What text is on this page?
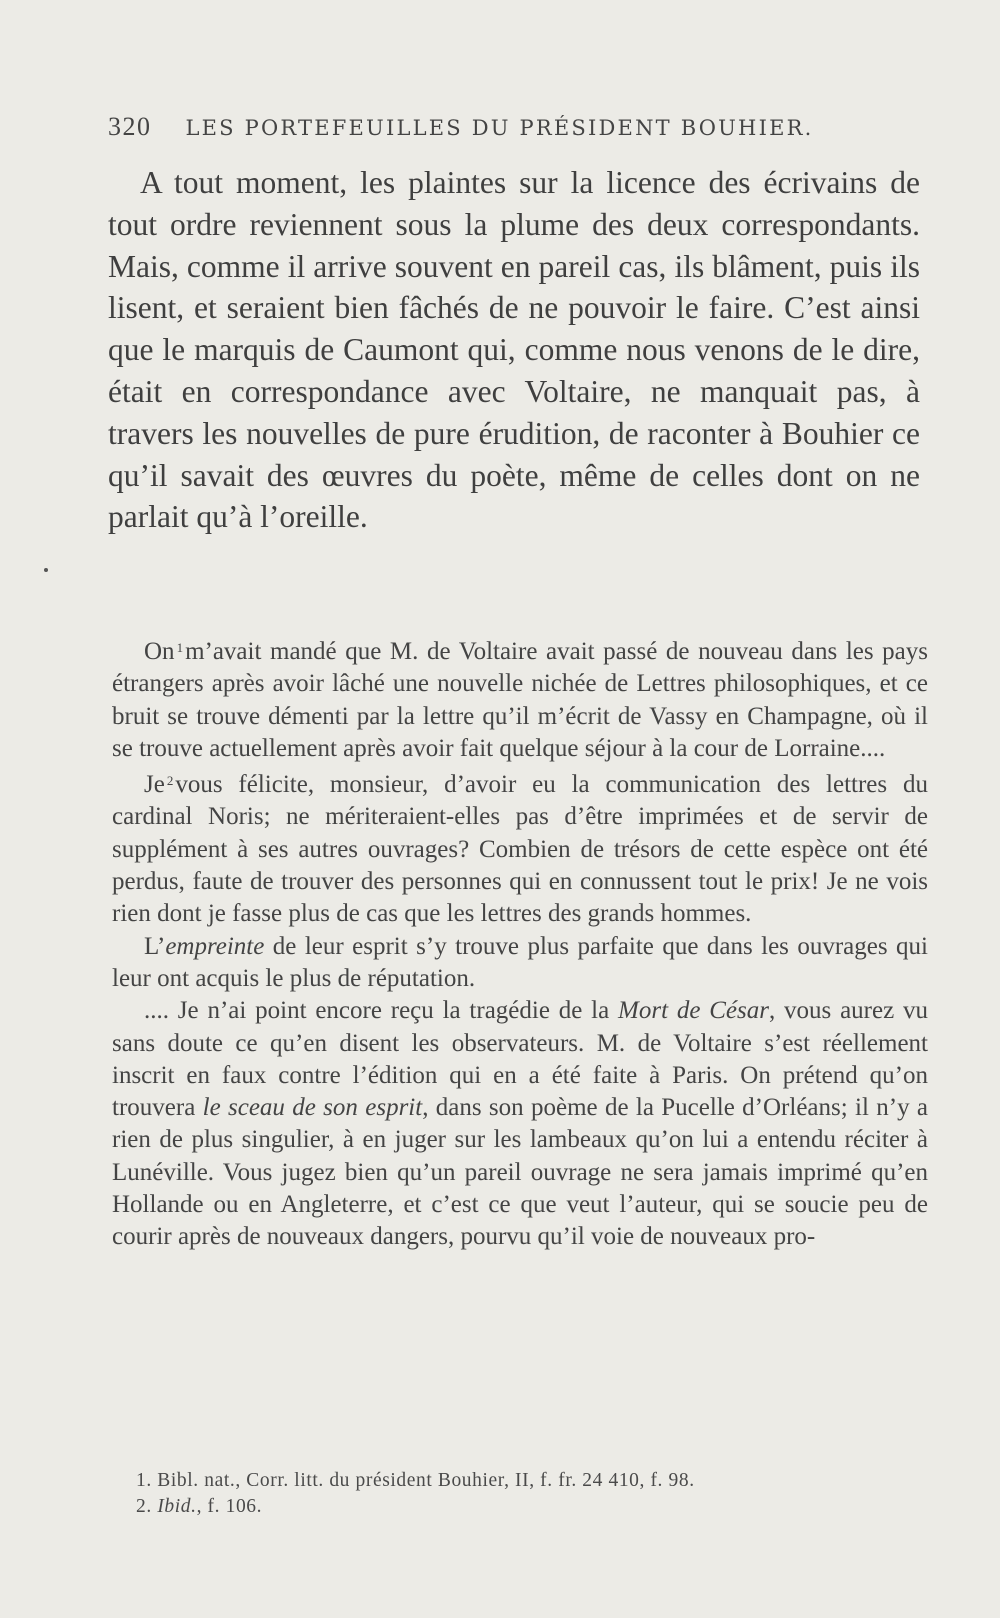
320 LES PORTEFEUILLES DU PRÉSIDENT BOUHIER.

A tout moment, les plaintes sur la licence des écrivains de tout ordre reviennent sous la plume des deux correspondants. Mais, comme il arrive souvent en pareil cas, ils blâment, puis ils lisent, et seraient bien fâchés de ne pouvoir le faire. C’est ainsi que le marquis de Caumont qui, comme nous venons de le dire, était en correspondance avec Voltaire, ne manquait pas, à travers les nouvelles de pure érudition, de raconter à Bouhier ce qu’il savait des œuvres du poète, même de celles dont on ne parlait qu’à l’oreille.

On $^1$m’avait mandé que M. de Voltaire avait passé de nouveau dans les pays étrangers après avoir lâché une nouvelle nichée de Lettres philosophiques, et ce bruit se trouve démenti par la lettre qu’il m’écrit de Vassy en Champagne, où il se trouve actuellement après avoir fait quelque séjour à la cour de Lorraine....

Je $^2$vous félicite, monsieur, d’avoir eu la communication des lettres du cardinal Noris; ne mériteraient-elles pas d’être imprimées et de servir de supplément à ses autres ouvrages? Combien de trésors de cette espèce ont été perdus, faute de trouver des personnes qui en connussent tout le prix! Je ne vois rien dont je fasse plus de cas que les lettres des grands hommes.

L’empreinte de leur esprit s’y trouve plus parfaite que dans les ouvrages qui leur ont acquis le plus de réputation.

.... Je n’ai point encore reçu la tragédie de la Mort de César, vous aurez vu sans doute ce qu’en disent les observateurs. M. de Voltaire s’est réellement inscrit en faux contre l’édition qui en a été faite à Paris. On prétend qu’on trouvera le sceau de son esprit, dans son poème de la Pucelle d’Orléans; il n’y a rien de plus singulier, à en juger sur les lambeaux qu’on lui a entendu réciter à Lunéville. Vous jugez bien qu’un pareil ouvrage ne sera jamais imprimé qu’en Hollande ou en Angleterre, et c’est ce que veut l’auteur, qui se soucie peu de courir après de nouveaux dangers, pourvu qu’il voie de nouveaux pro-

1. Bibl. nat., Corr. litt. du président Bouhier, II, f. fr. 24 410, f. 98.
2. Ibid., f. 106.
